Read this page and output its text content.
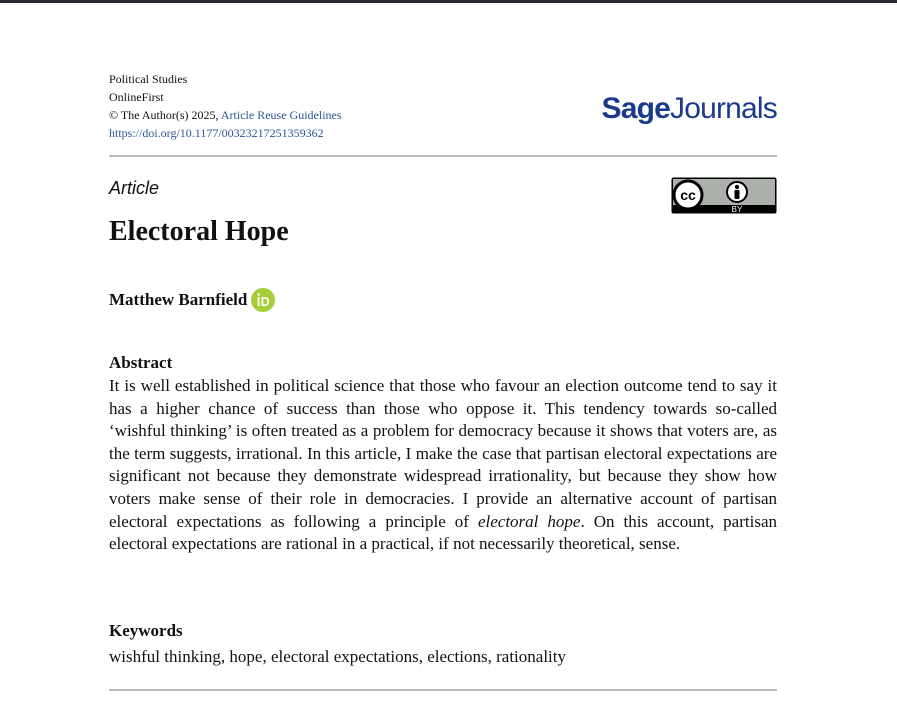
Political Studies
OnlineFirst
© The Author(s) 2025, Article Reuse Guidelines
https://doi.org/10.1177/00323217251359362
SageJournals
Article	cc
BY
Electoral Hope
Matthew Barnfield
Abstract
It is well established in political science that those who favour an election outcome tend to say it has a higher chance of success than those who oppose it. This tendency towards so-called ‘wishful thinking’ is often treated as a problem for democracy because it shows that voters are, as the term suggests, irrational. In this article, I make the case that partisan electoral expectations are significant not because they demonstrate widespread irrationality, but because they show how voters make sense of their role in democracies. I provide an alternative account of partisan electoral expectations as following a principle of electoral hope. On this account, partisan electoral expectations are rational in a practical, if not necessarily theoretical, sense.
Keywords
wishful thinking, hope, electoral expectations, elections, rationality
